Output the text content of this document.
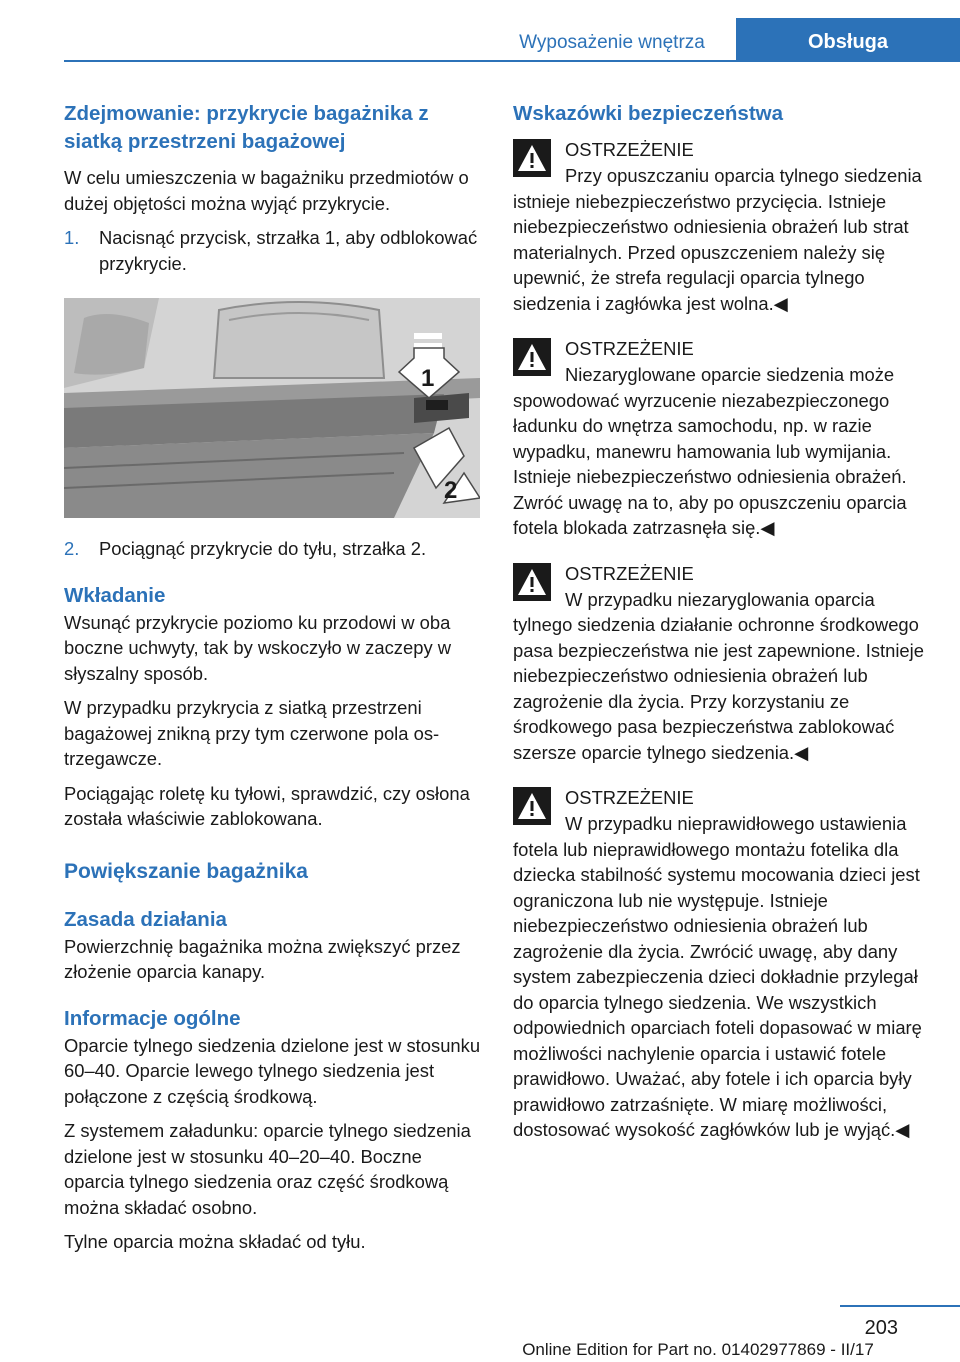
Wyposażenie wnętrza	Obsługa
Zdejmowanie: przykrycie bagażnika z siatką przestrzeni bagażowej

W celu umieszczenia w bagażniku przedmiotów o dużej objętości można wyjąć przykrycie.

1. Nacisnąć przycisk, strzałka 1, aby odblokować przykrycie.
1
2
2. Pociągnąć przykrycie do tyłu, strzałka 2.
Wkładanie

Wsunąć przykrycie poziomo ku przodowi w oba boczne uchwyty, tak by wskoczyło w zaczepy w słyszalny sposób.

W przypadku przykrycia z siatką przestrzeni bagażowej znikną przy tym czerwone pola ostrzegawcze.

Pociągając roletę ku tyłowi, sprawdzić, czy osłona została właściwie zablokowana.

Powiększanie bagażnika
Zasada działania

Powierzchnię bagażnika można zwiększyć przez złożenie oparcia kanapy.

Informacje ogólne

Oparcie tylnego siedzenia dzielone jest w stosunku 60–40. Oparcie lewego tylnego siedzenia jest połączone z częścią środkową.

Z systemem załadunku: oparcie tylnego siedzenia dzielone jest w stosunku 40–20–40. Boczne oparcia tylnego siedzenia oraz część środkową można składać osobno.

Tylne oparcia można składać od tyłu.

Wskazówki bezpieczeństwa
OSTRZEŻENIE

Przy opuszczaniu oparcia tylnego siedzenia istnieje niebezpieczeństwo przycięcia. Istnieje niebezpieczeństwo odniesienia obrażeń lub strat materialnych. Przed opuszczeniem należy się upewnić, że strefa regulacji oparcia tylnego siedzenia i zagłówka jest wolna.◀

OSTRZEŻENIE

Niezaryglowane oparcie siedzenia może spowodować wyrzucenie niezabezpieczonego ładunku do wnętrza samochodu, np. w razie wypadku, manewru hamowania lub wymijania. Istnieje niebezpieczeństwo odniesienia obrażeń. Zwróć uwagę na to, aby po opuszczeniu oparcia fotela blokada zatrzasnęła się.◀

OSTRZEŻENIE

W przypadku niezaryglowania oparcia tylnego siedzenia działanie ochronne środkowego pasa bezpieczeństwa nie jest zapewnione. Istnieje niebezpieczeństwo odniesienia obrażeń lub zagrożenie dla życia. Przy korzystaniu ze środkowego pasa bezpieczeństwa zablokować szersze oparcie tylnego siedzenia.◀

OSTRZEŻENIE

W przypadku nieprawidłowego ustawienia fotela lub nieprawidłowego montażu fotelika dla dziecka stabilność systemu mocowania dzieci jest ograniczona lub nie występuje. Istnieje niebezpieczeństwo odniesienia obrażeń lub zagrożenie dla życia. Zwrócić uwagę, aby dany system zabezpieczenia dzieci dokładnie przylegał do oparcia tylnego siedzenia. We wszystkich odpowiednich oparciach foteli dopasować w miarę możliwości nachylenie oparcia i ustawić fotele prawidłowo. Uważać, aby fotele i ich oparcia były prawidłowo zatrzaśnięte. W miarę możliwości, dostosować wysokość zagłówków lub je wyjąć.◀

203
Online Edition for Part no. 01402977869 - II/17
